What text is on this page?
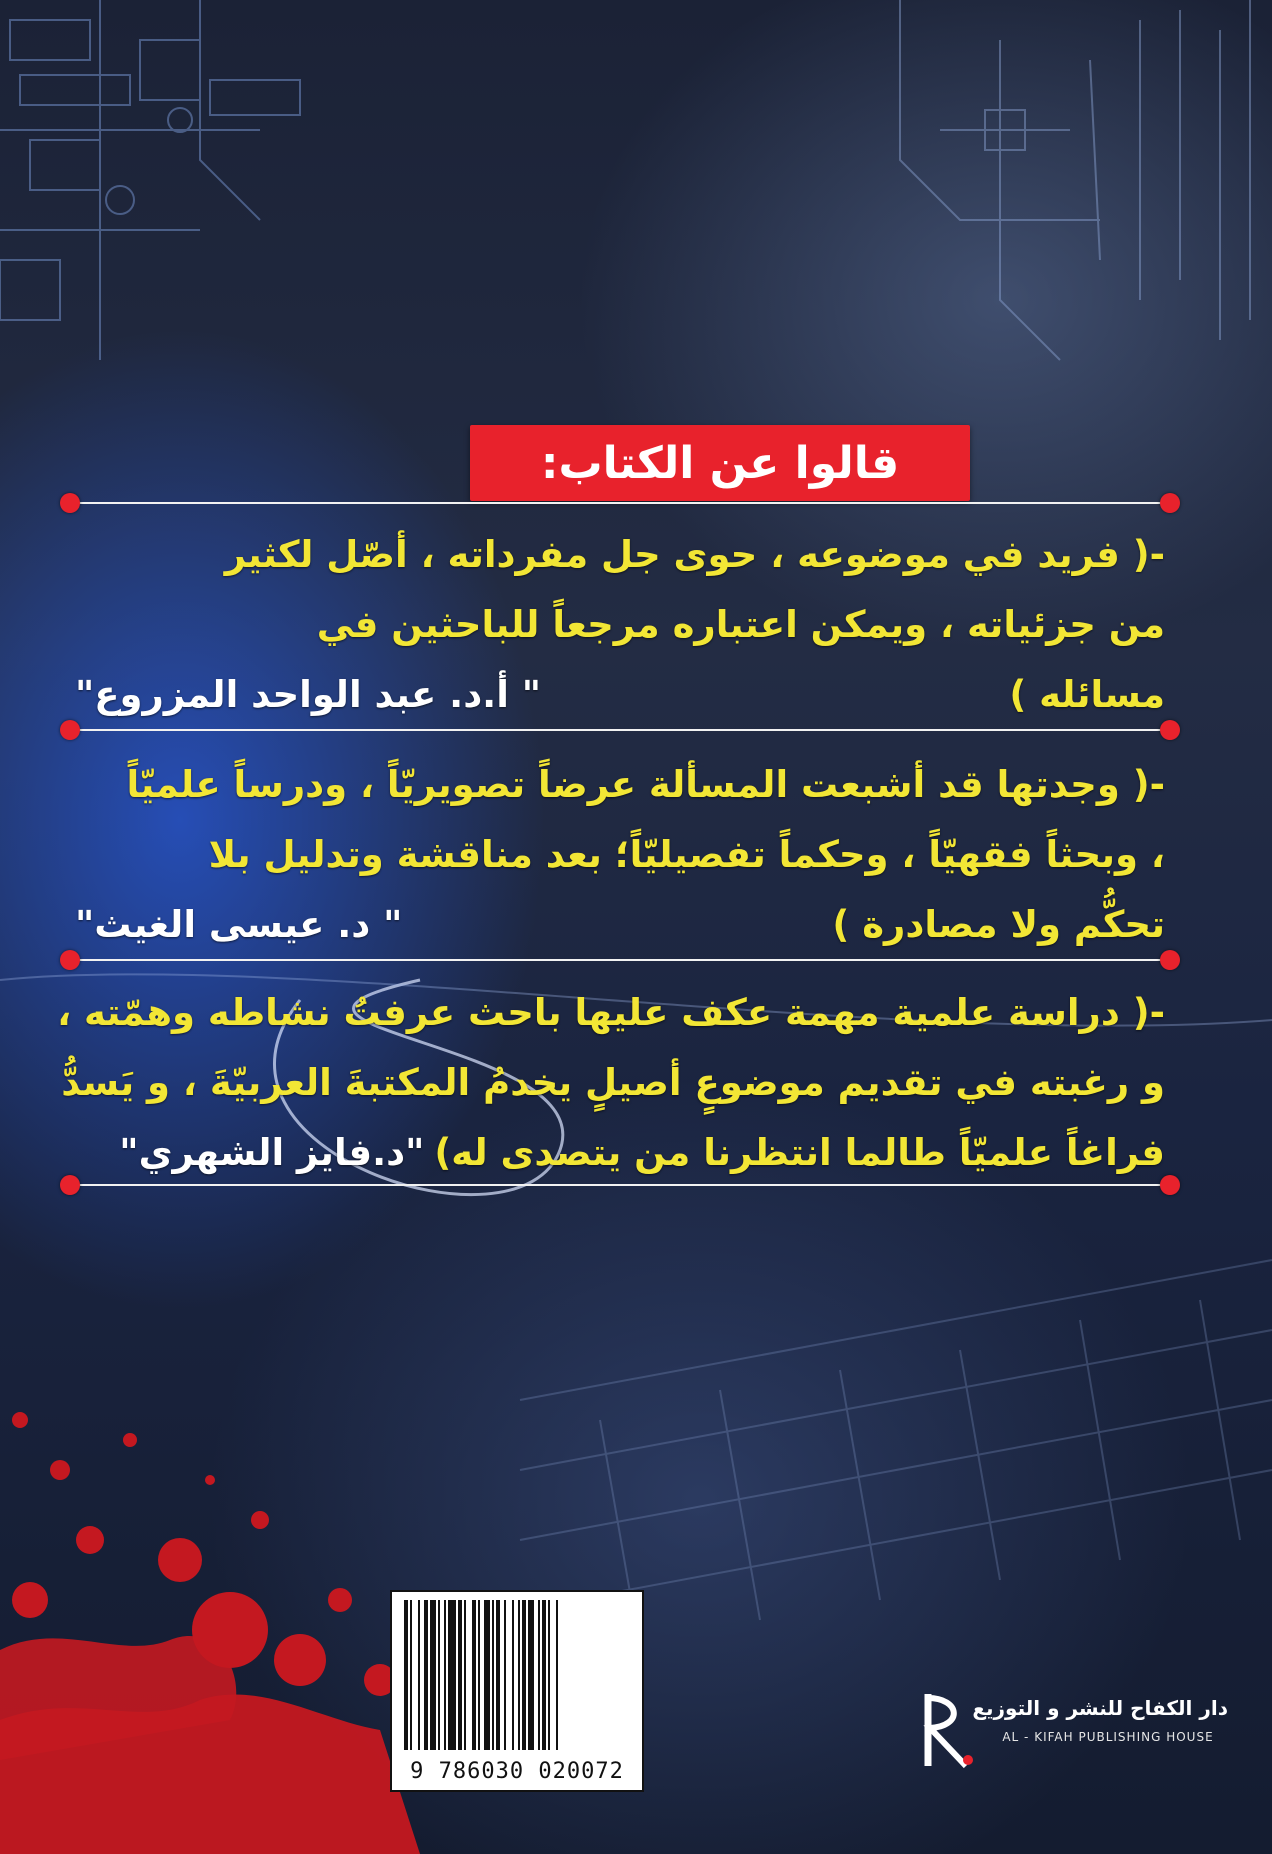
قالوا عن الكتاب:
-( فريد في موضوعه ، حوى جل مفرداته ، أصّل لكثير
من جزئياته ، ويمكن اعتباره مرجعاً للباحثين في
مسائله )
" أ.د. عبد الواحد المزروع"
-( وجدتها قد أشبعت المسألة عرضاً تصويريّاً ، ودرساً علميّاً
، وبحثاً فقهيّاً ، وحكماً تفصيليّاً؛ بعد مناقشة وتدليل بلا
تحكُّم ولا مصادرة )
" د. عيسى الغيث"
-( دراسة علمية مهمة عكف عليها باحث عرفتُ نشاطه وهمّته ،
و رغبته في تقديم موضوعٍ أصيلٍ يخدمُ المكتبةَ العربيّةَ ، و يَسدُّ
فراغاً علميّاً طالما انتظرنا من يتصدى له)
"د.فايز الشهري"
9 786030 020072
دار الكفاح للنشر و التوزيع
AL - KIFAH PUBLISHING HOUSE
